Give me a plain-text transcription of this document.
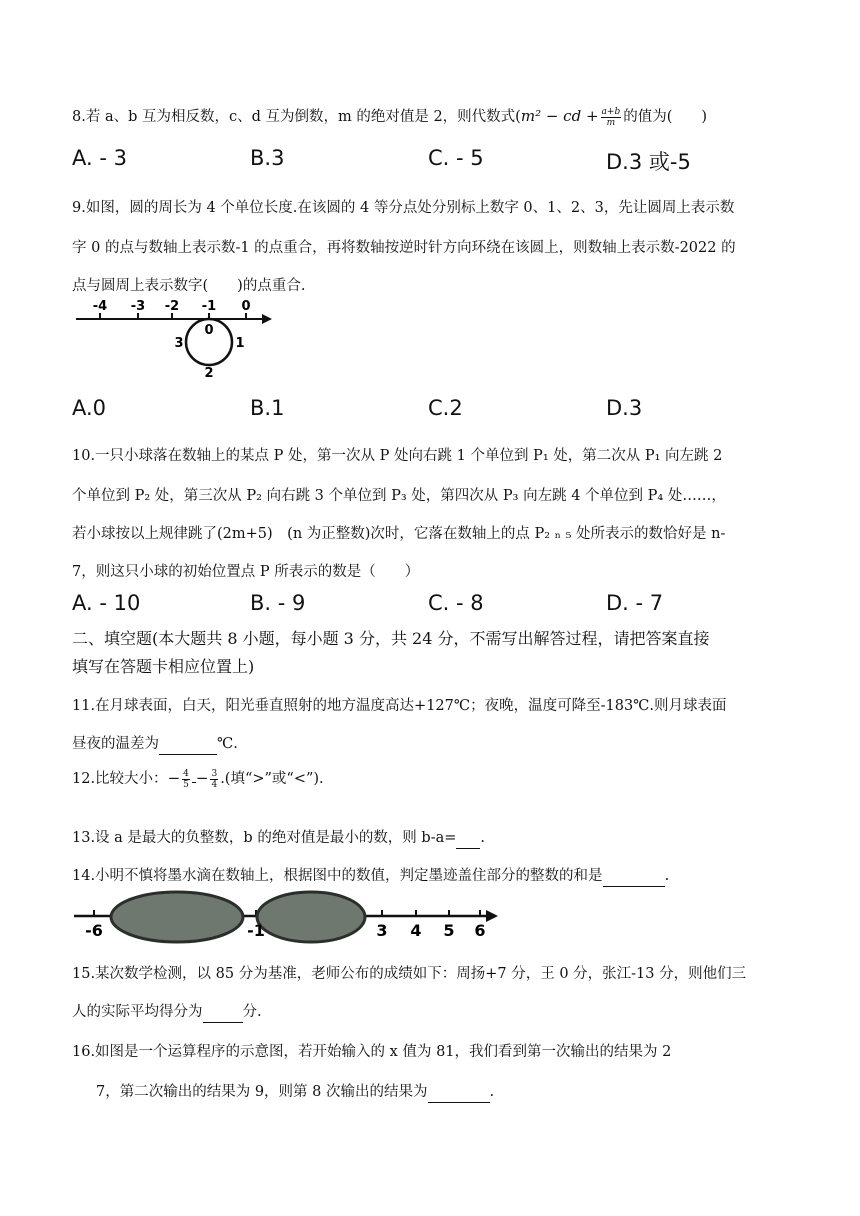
8.若 a、b 互为相反数，c、d 互为倒数，m 的绝对值是 2，则代数式(m² − cd + $\frac{a+b}{m}$ 的值为(　　)
A. - 3	B.3	C. - 5	D.3 或-5
9.如图，圆的周长为 4 个单位长度.在该圆的 4 等分点处分别标上数字 0、1、2、3，先让圆周上表示数
字 0 的点与数轴上表示数-1 的点重合，再将数轴按逆时针方向环绕在该圆上，则数轴上表示数-2022 的
点与圆周上表示数字(　　)的点重合.
-4 -3 -2 -1 0
0
1
2
3
A.0	B.1	C.2	D.3
10.一只小球落在数轴上的某点 P 处，第一次从 P 处向右跳 1 个单位到 P₁ 处，第二次从 P₁ 向左跳 2
个单位到 P₂ 处，第三次从 P₂ 向右跳 3 个单位到 P₃ 处，第四次从 P₃ 向左跳 4 个单位到 P₄ 处……，
若小球按以上规律跳了(2m+5)　(n 为正整数)次时，它落在数轴上的点 P₂ ₙ ₅ 处所表示的数恰好是 n-
7，则这只小球的初始位置点 P 所表示的数是（　　）
A. - 10	B. - 9	C. - 8	D. - 7
二、填空题(本大题共 8 小题，每小题 3 分，共 24 分，不需写出解答过程，请把答案直接
填写在答题卡相应位置上)
11.在月球表面，白天，阳光垂直照射的地方温度高达+127℃；夜晚，温度可降至-183℃.则月球表面
昼夜的温差为	℃.
12.比较大小：− $\frac{4}{5} - \frac{3}{4}$ .(填“>”或“<”).
13.设 a 是最大的负整数，b 的绝对值是最小的数，则 b-a= .
14.小明不慎将墨水滴在数轴上，根据图中的数值，判定墨迹盖住部分的整数的和是	.
-6	-1	3 4 5 6
15.某次数学检测，以 85 分为基准，老师公布的成绩如下：周扬+7 分，王 0 分，张江-13 分，则他们三
人的实际平均得分为	分.
16.如图是一个运算程序的示意图，若开始输入的 x 值为 81，我们看到第一次输出的结果为 2
7，第二次输出的结果为 9，则第 8 次输出的结果为	.
